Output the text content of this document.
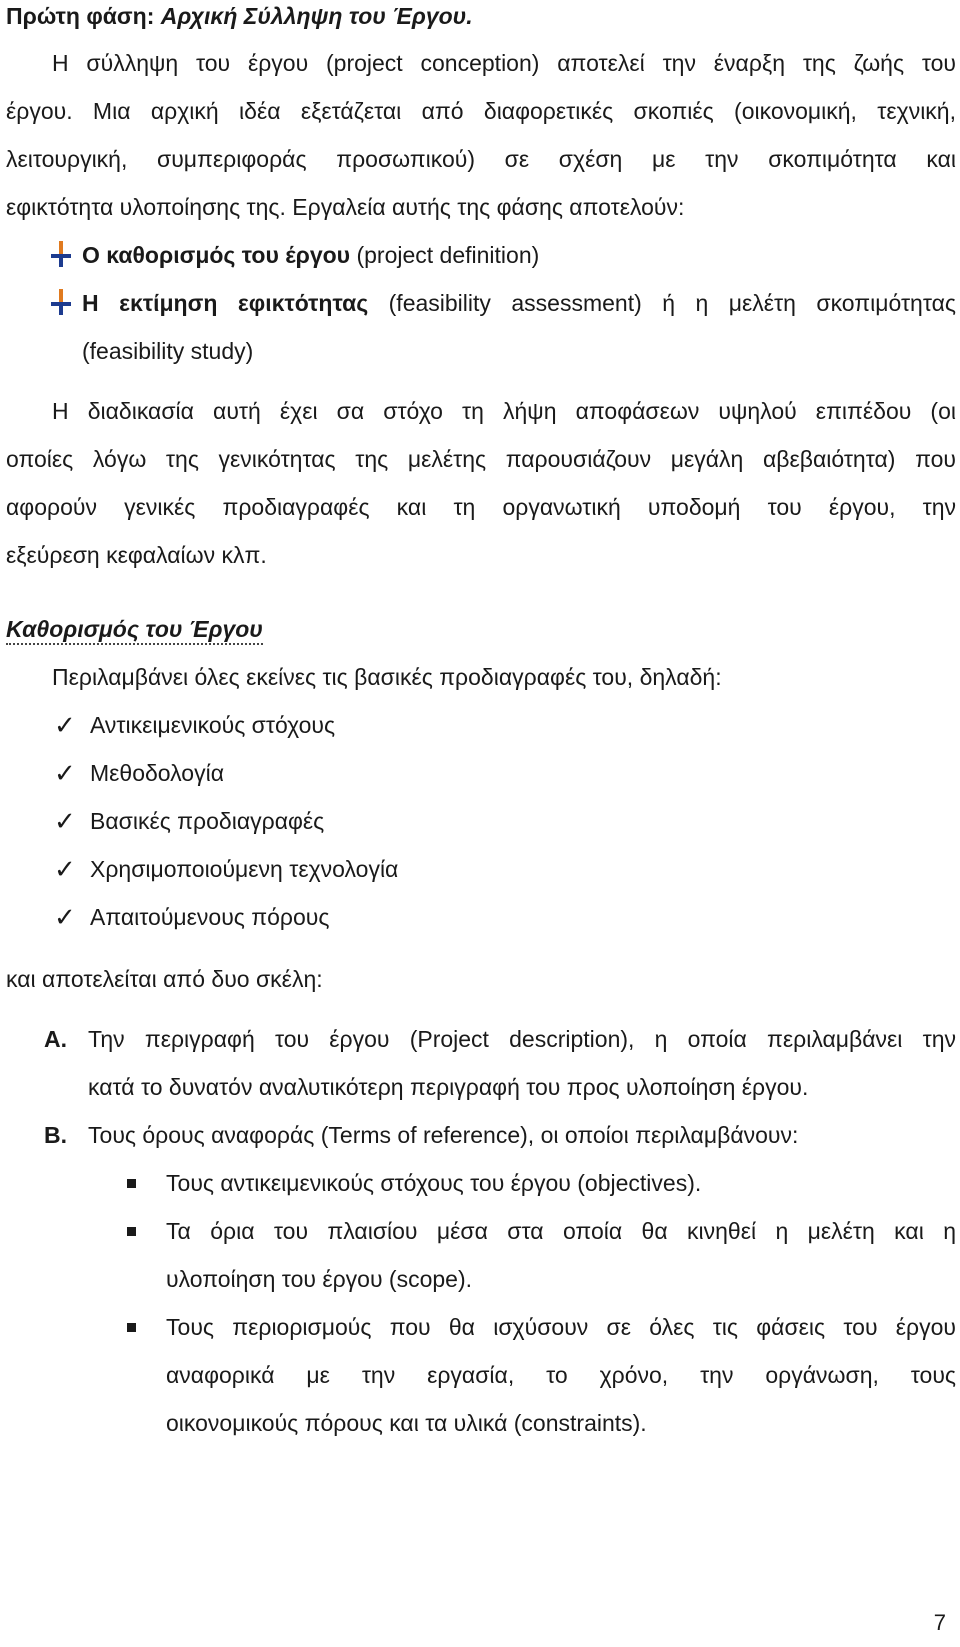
Πρώτη φάση: Αρχική Σύλληψη του Έργου.
Η σύλληψη του έργου (project conception) αποτελεί την έναρξη της ζωής του
έργου. Μια αρχική ιδέα εξετάζεται από διαφορετικές σκοπιές (οικονομική, τεχνική,
λειτουργική, συμπεριφοράς προσωπικού) σε σχέση με την σκοπιμότητα και
εφικτότητα υλοποίησης της. Εργαλεία αυτής της φάσης αποτελούν:
Ο καθορισμός του έργου (project definition)
Η εκτίμηση εφικτότητας (feasibility assessment) ή η μελέτη σκοπιμότητας
(feasibility study)
Η διαδικασία αυτή έχει σα στόχο τη λήψη αποφάσεων υψηλού επιπέδου (οι
οποίες λόγω της γενικότητας της μελέτης παρουσιάζουν μεγάλη αβεβαιότητα) που
αφορούν γενικές προδιαγραφές και τη οργανωτική υποδομή του έργου, την
εξεύρεση κεφαλαίων κλπ.
Καθορισμός του Έργου
Περιλαμβάνει όλες εκείνες τις βασικές προδιαγραφές του, δηλαδή:
✓ Αντικειμενικούς στόχους
✓ Μεθοδολογία
✓ Βασικές προδιαγραφές
✓ Χρησιμοποιούμενη τεχνολογία
✓ Απαιτούμενους πόρους
και αποτελείται από δυο σκέλη:
A. Την περιγραφή του έργου (Project description), η οποία περιλαμβάνει την
κατά το δυνατόν αναλυτικότερη περιγραφή του προς υλοποίηση έργου.
B. Τους όρους αναφοράς (Terms of reference), οι οποίοι περιλαμβάνουν:
Τους αντικειμενικούς στόχους του έργου (objectives).
Τα όρια του πλαισίου μέσα στα οποία θα κινηθεί η μελέτη και η
υλοποίηση του έργου (scope).
Τους περιορισμούς που θα ισχύσουν σε όλες τις φάσεις του έργου
αναφορικά με την εργασία, το χρόνο, την οργάνωση, τους
οικονομικούς πόρους και τα υλικά (constraints).
7
